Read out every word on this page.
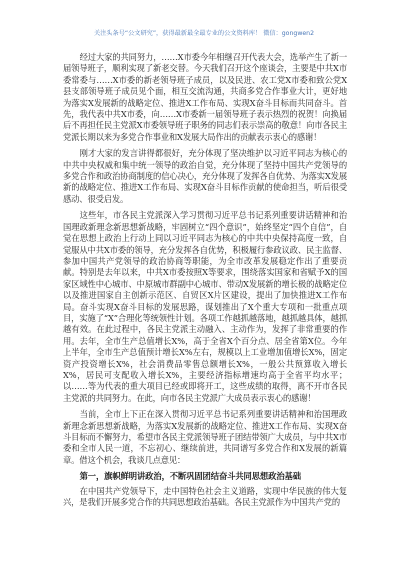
关注头条号“公文研究”，获得最新最全最专业的公文资料库！ 微信：gongwen2

经过大家的共同努力，……X市委今年相继召开代表大会，选举产生了新一届领导班子，顺利实现了新老交替。今天我们召开这个座谈会，主要是中共X市委常委与……X市委的新老领导班子成员，以及民进、农工党X市委和致公党X县支部领导班子成员见个面，相互交流沟通，共商多党合作事业大计，更好地为落实X发展新的战略定位、推进X工作布局、实现X奋斗目标而共同奋斗。首先，我代表中共X市委，向……X市委新一届领导班子表示热烈的祝贺！向换届后不再担任民主党派X市委领导班子职务的同志们表示崇高的敬意！向市各民主党派长期以来为多党合作事业和X发展大局作出的贡献表示衷心的感谢！

刚才大家的发言讲得都很好，充分体现了坚决维护以习近平同志为核心的中共中央权威和集中统一领导的政治自觉，充分体现了坚持中国共产党领导的多党合作和政治协商制度的信心决心，充分体现了发挥各自优势、为落实X发展新的战略定位、推进X工作布局、实现X奋斗目标作贡献的使命担当，听后很受感动、很受启发。

这些年，市各民主党派深入学习贯彻习近平总书记系列重要讲话精神和治国理政新理念新思想新战略，牢固树立“四个意识”，始终坚定“四个自信”，自觉在思想上政治上行动上同以习近平同志为核心的中共中央保持高度一致，自觉服从中共X市委的领导，充分发挥各自优势，积极履行参政议政、民主监督、参加中国共产党领导的政治协商等职能，为全市改革发展稳定作出了重要贡献。特别是去年以来，中共X市委按照X等要求，围绕落实国家和省赋予X的国家区域性中心城市、中原城市群副中心城市、带动X发展新的增长极的战略定位以及推进国家自主创新示范区、自贸区X片区建设，提出了加快推进X工作布局。奋斗实现X奋斗目标的发展思路，谋划推出了X个重大专项和一批重点项目，实施了“X”合理化等统领性计划。各项工作越抓越落地，越抓越具体，越抓越有效。在此过程中，各民主党派主动融入、主动作为，发挥了非常重要的作用。去年，全市生产总值增长X%，高于全省X个百分点、居全省第X位。今年上半年，全市生产总值预计增长X%左右，规模以上工业增加值增长X%，固定资产投资增长X%，社会消费品零售总额增长X%，一般公共预算收入增长X%，居民可支配收入增长X%，主要经济指标增速均高于全省平均水平；以……等为代表的重大项目已经或即将开工，这些成绩的取得，离不开市各民主党派的共同努力。在此，向市各民主党派广大成员表示衷心的感谢！

当前，全市上下正在深入贯彻习近平总书记系列重要讲话精神和治国理政新理念新思想新战略，为落实X发展新的战略定位、推进X工作布局、实现X奋斗目标而不懈努力，希望市各民主党派领导班子团结带领广大成员，与中共X市委和全市人民一道，不忘初心、继续前进，共同谱写多党合作和X发展的新篇章。借这个机会，我谈几点意见：

第一，旗帜鲜明讲政治，不断巩固团结奋斗共同思想政治基础

在中国共产党领导下，走中国特色社会主义道路，实现中华民族的伟大复兴，是我们开展多党合作的共同思想政治基础。各民主党派作为中国共产党的
